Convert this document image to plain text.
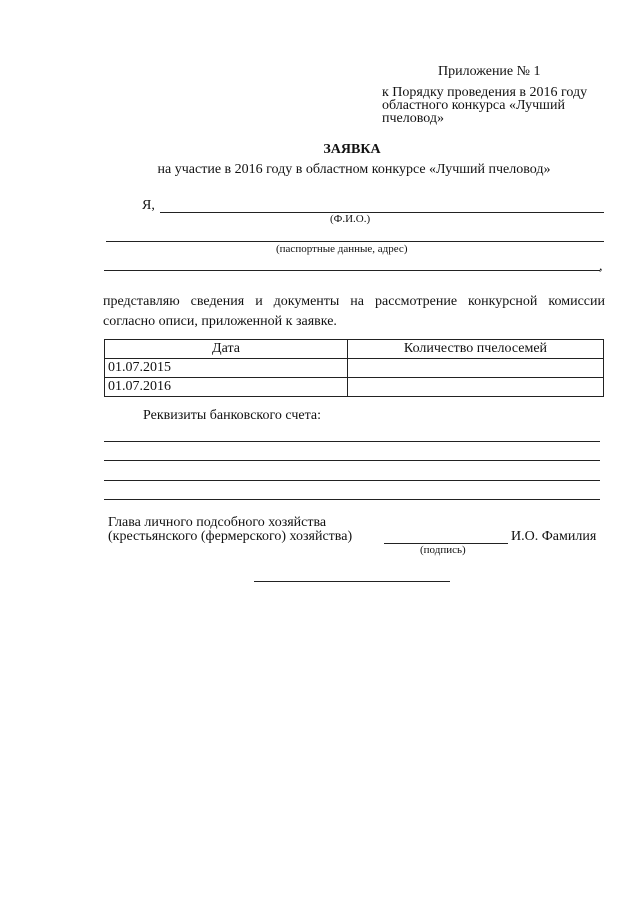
Приложение № 1
к Порядку проведения в 2016 году
областного конкурса «Лучший
пчеловод»
ЗАЯВКА
на участие в 2016 году в областном конкурсе «Лучший пчеловод»
Я,
(Ф.И.О.)
(паспортные данные, адрес)
,
представляю сведения и документы на рассмотрение конкурсной комиссии
согласно описи, приложенной к заявке.
Дата	Количество пчелосемей
01.07.2015	
01.07.2016	
Реквизиты банковского счета:
Глава личного подсобного хозяйства
(крестьянского (фермерского) хозяйства)
(подпись)
И.О. Фамилия
